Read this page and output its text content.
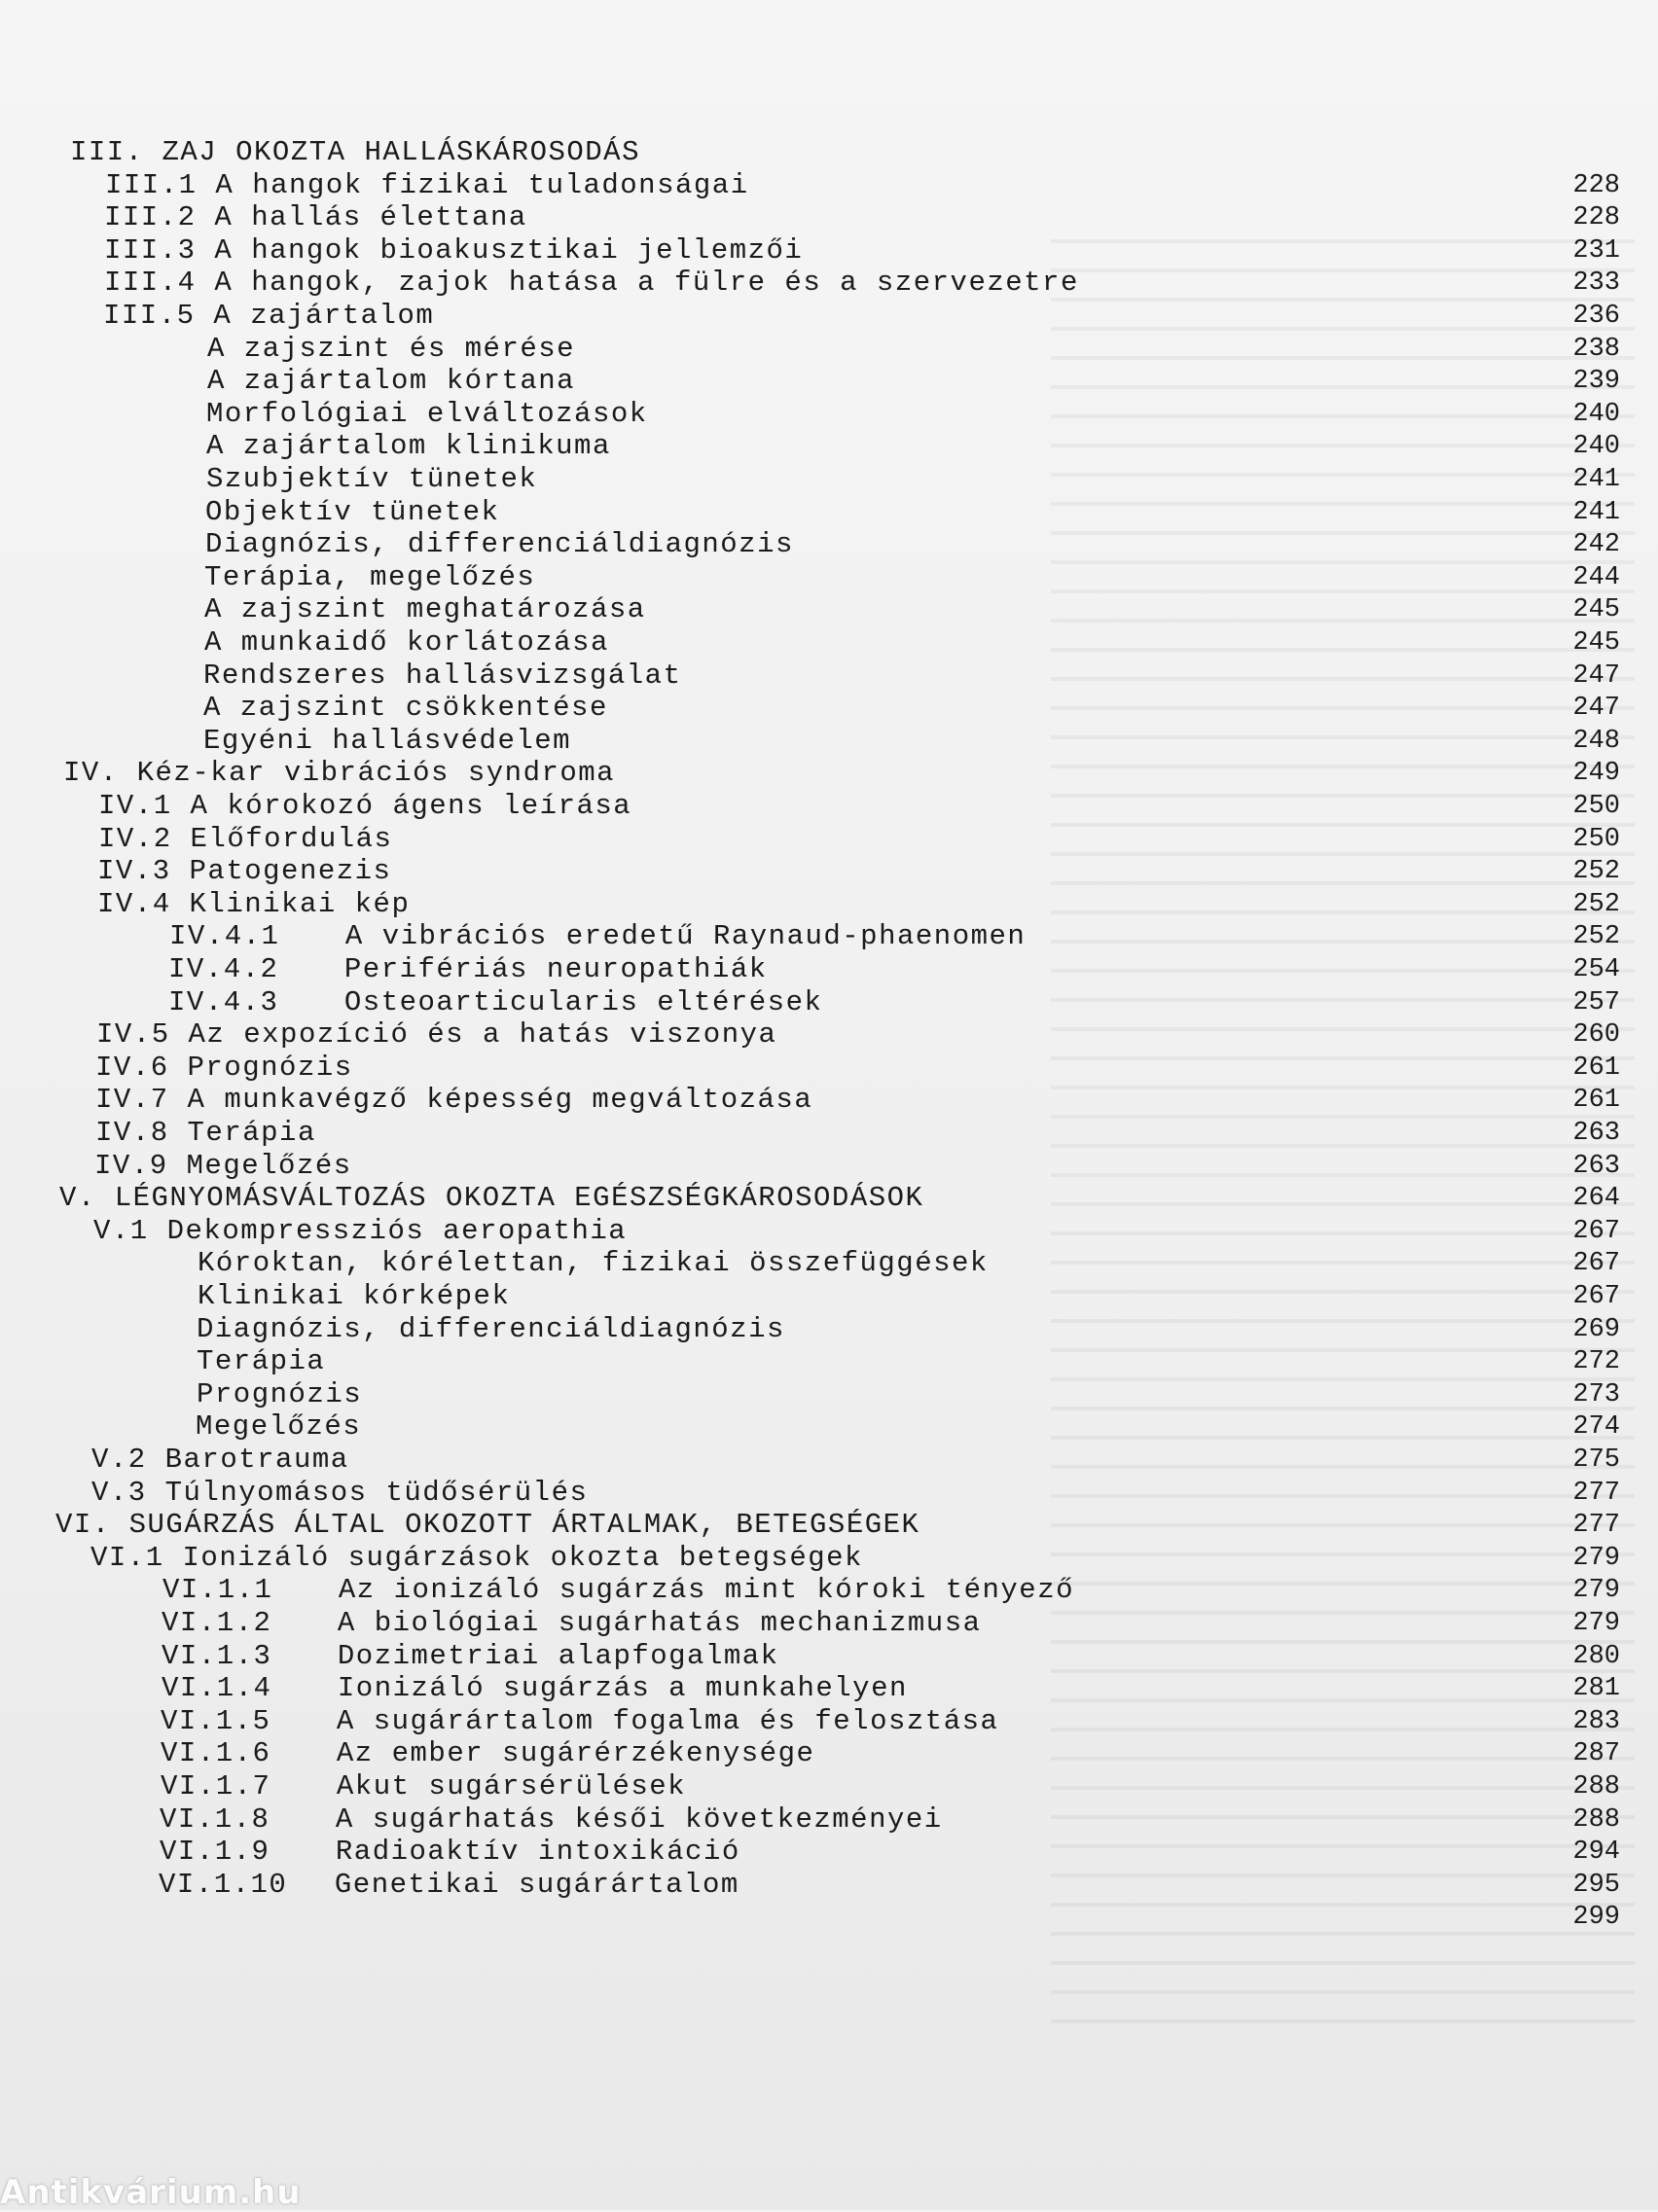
III. ZAJ OKOZTA HALLÁSKÁROSODÁS
III.1 A hangok fizikai tuladonságai	228
III.2 A hallás élettana	228
III.3 A hangok bioakusztikai jellemzői	231
III.4 A hangok, zajok hatása a fülre és a szervezetre	233
III.5 A zajártalom	236
A zajszint és mérése	238
A zajártalom kórtana	239
Morfológiai elváltozások	240
A zajártalom klinikuma	240
Szubjektív tünetek	241
Objektív tünetek	241
Diagnózis, differenciáldiagnózis	242
Terápia, megelőzés	244
A zajszint meghatározása	245
A munkaidő korlátozása	245
Rendszeres hallásvizsgálat	247
A zajszint csökkentése	247
Egyéni hallásvédelem	248
IV. Kéz-kar vibrációs syndroma	249
IV.1 A kórokozó ágens leírása	250
IV.2 Előfordulás	250
IV.3 Patogenezis	252
IV.4 Klinikai kép	252
IV.4.1 A vibrációs eredetű Raynaud-phaenomen	252
IV.4.2 Perifériás neuropathiák	254
IV.4.3 Osteoarticularis eltérések	257
IV.5 Az expozíció és a hatás viszonya	260
IV.6 Prognózis	261
IV.7 A munkavégző képesség megváltozása	261
IV.8 Terápia	263
IV.9 Megelőzés	263
V. LÉGNYOMÁSVÁLTOZÁS OKOZTA EGÉSZSÉGKÁROSODÁSOK	264
V.1 Dekompressziós aeropathia	267
Kóroktan, kórélettan, fizikai összefüggések	267
Klinikai kórképek	267
Diagnózis, differenciáldiagnózis	269
Terápia	272
Prognózis	273
Megelőzés	274
V.2 Barotrauma	275
V.3 Túlnyomásos tüdősérülés	277
VI. SUGÁRZÁS ÁLTAL OKOZOTT ÁRTALMAK, BETEGSÉGEK	277
VI.1 Ionizáló sugárzások okozta betegségek	279
VI.1.1 Az ionizáló sugárzás mint kóroki tényező	279
VI.1.2 A biológiai sugárhatás mechanizmusa	279
VI.1.3 Dozimetriai alapfogalmak	280
VI.1.4 Ionizáló sugárzás a munkahelyen	281
VI.1.5 A sugárártalom fogalma és felosztása	283
VI.1.6 Az ember sugárérzékenysége	287
VI.1.7 Akut sugársérülések	288
VI.1.8 A sugárhatás késői következményei	288
VI.1.9 Radioaktív intoxikáció	294
VI.1.10 Genetikai sugárártalom	295
299
Antikvárium.hu
